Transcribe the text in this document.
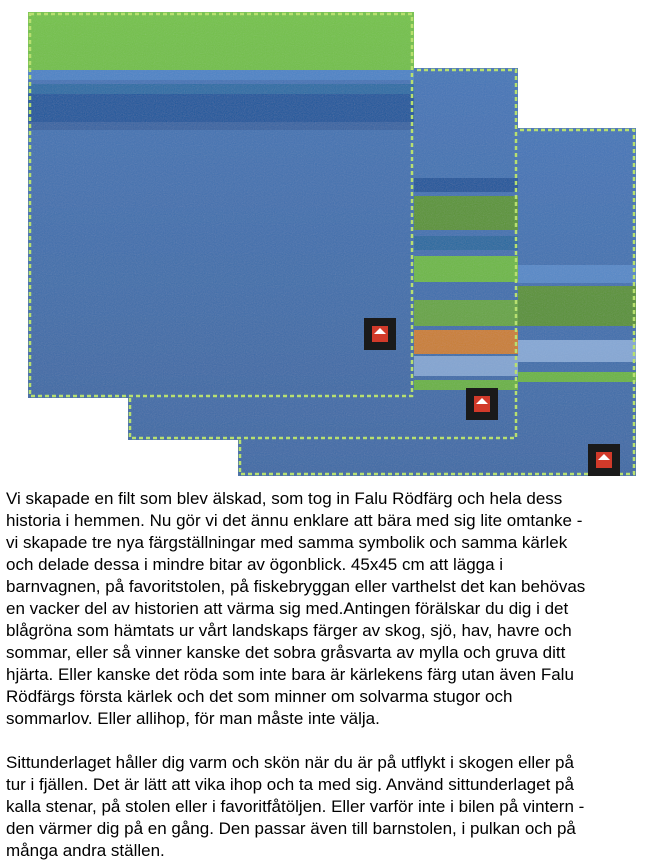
Vi skapade en filt som blev älskad, som tog in Falu Rödfärg och hela dess
historia i hemmen. Nu gör vi det ännu enklare att bära med sig lite omtanke -
vi skapade tre nya färgställningar med samma symbolik och samma kärlek
och delade dessa i mindre bitar av ögonblick. 45x45 cm att lägga i
barnvagnen, på favoritstolen, på fiskebryggan eller varthelst det kan behövas
en vacker del av historien att värma sig med.Antingen förälskar du dig i det
blågröna som hämtats ur vårt landskaps färger av skog, sjö, hav, havre och
sommar, eller så vinner kanske det sobra gråsvarta av mylla och gruva ditt
hjärta. Eller kanske det röda som inte bara är kärlekens färg utan även Falu
Rödfärgs första kärlek och det som minner om solvarma stugor och
sommarlov. Eller allihop, för man måste inte välja.

Sittunderlaget håller dig varm och skön när du är på utflykt i skogen eller på
tur i fjällen. Det är lätt att vika ihop och ta med sig. Använd sittunderlaget på
kalla stenar, på stolen eller i favoritfåtöljen. Eller varför inte i bilen på vintern -
den värmer dig på en gång. Den passar även till barnstolen, i pulkan och på
många andra ställen.
